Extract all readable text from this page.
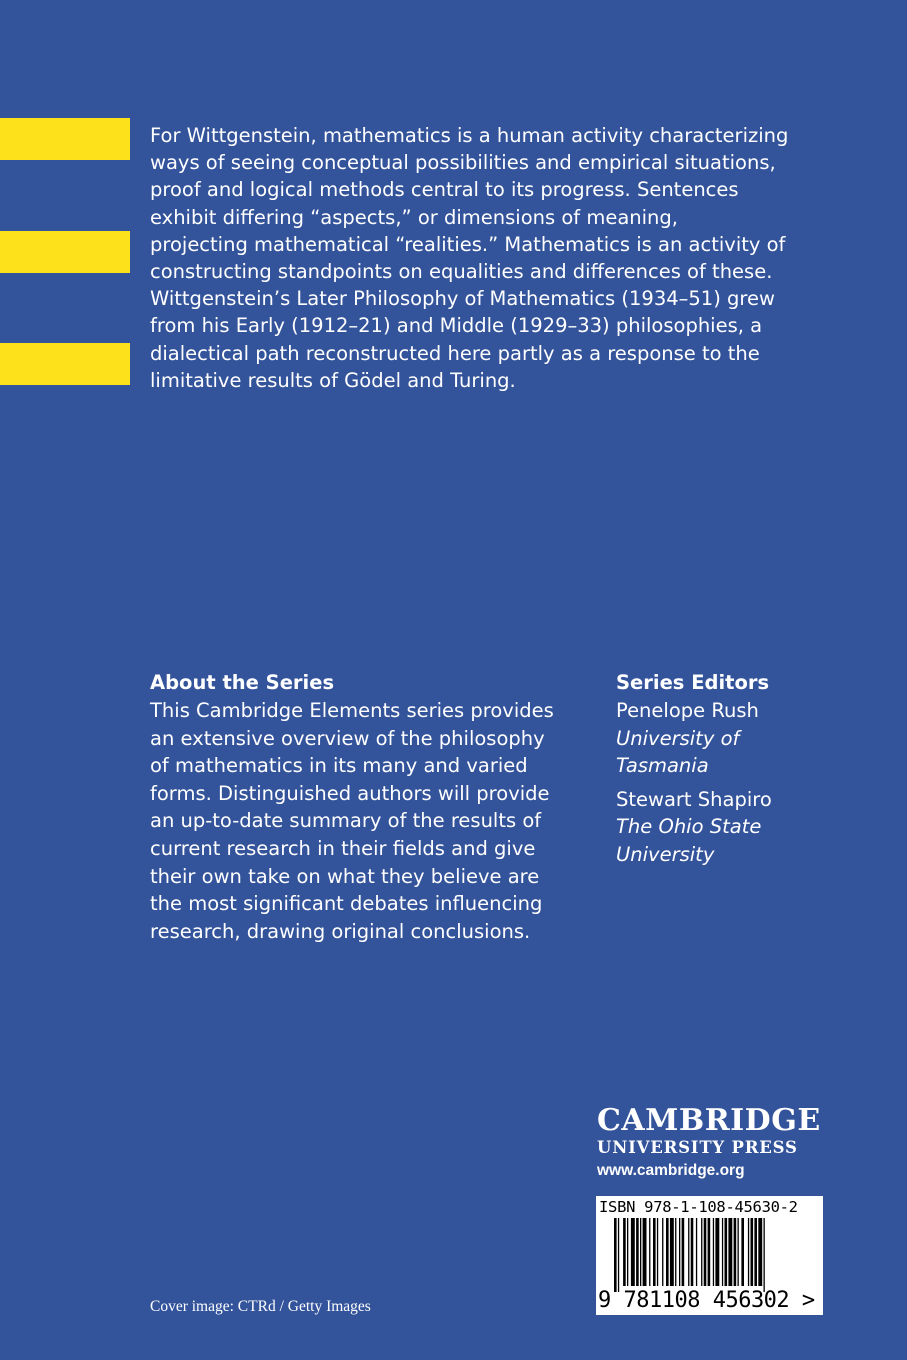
For Wittgenstein, mathematics is a human activity characterizing
ways of seeing conceptual possibilities and empirical situations,
proof and logical methods central to its progress. Sentences
exhibit differing “aspects,” or dimensions of meaning,
projecting mathematical “realities.” Mathematics is an activity of
constructing standpoints on equalities and differences of these.
Wittgenstein’s Later Philosophy of Mathematics (1934–51) grew
from his Early (1912–21) and Middle (1929–33) philosophies, a
dialectical path reconstructed here partly as a response to the
limitative results of Gödel and Turing.

About the Series

This Cambridge Elements series provides
an extensive overview of the philosophy
of mathematics in its many and varied
forms. Distinguished authors will provide
an up-to-date summary of the results of
current research in their fields and give
their own take on what they believe are
the most significant debates influencing
research, drawing original conclusions.

Series Editors
Penelope Rush
University of
Tasmania
Stewart Shapiro
The Ohio State
University
CAMBRIDGE
UNIVERSITY PRESS
www.cambridge.org
ISBN 978-1-108-45630-2
9 781108 456302 >
Cover image: CTRd / Getty Images
